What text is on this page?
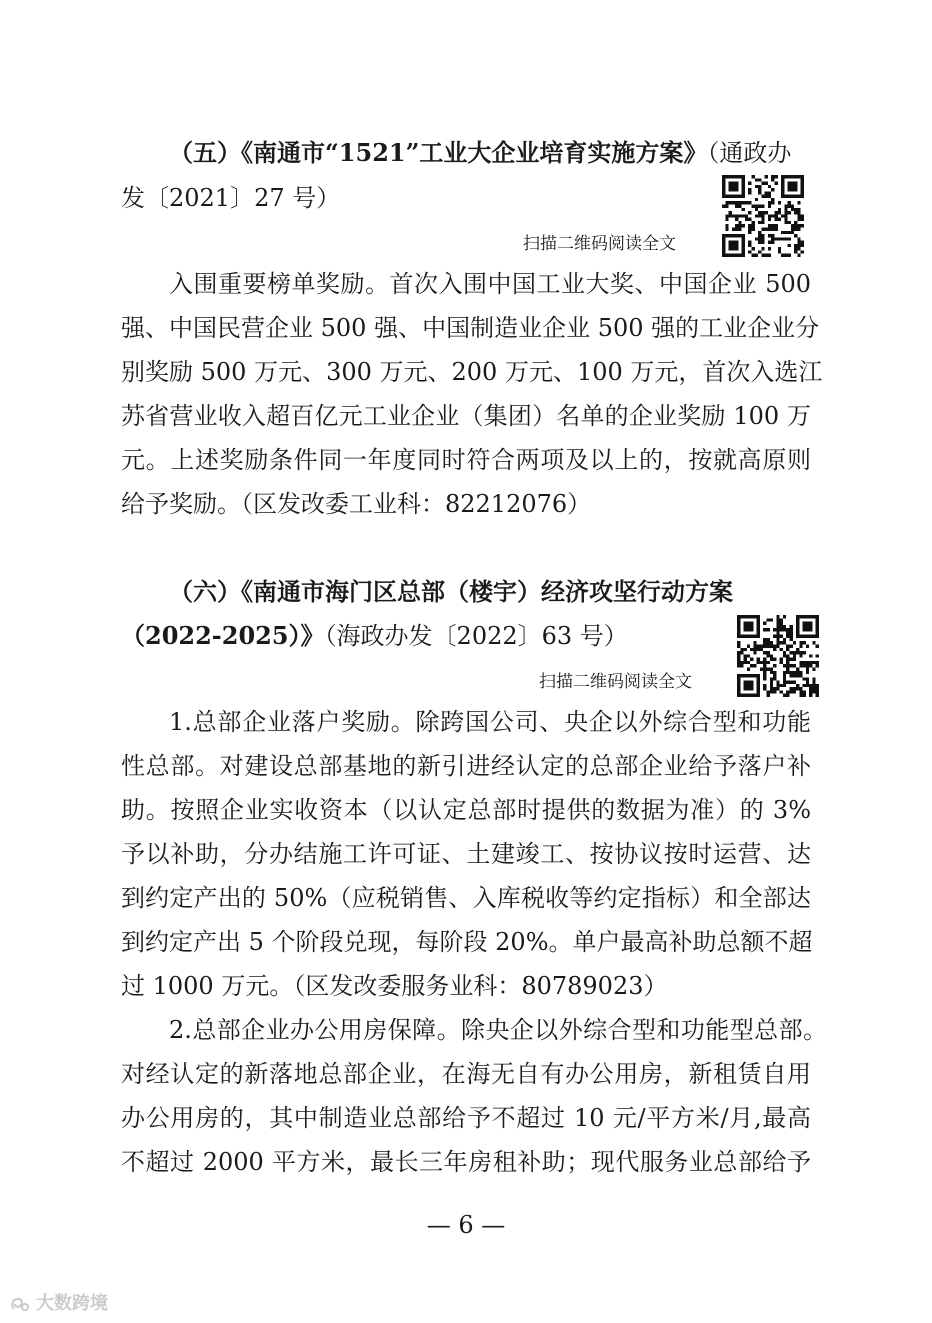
（五）《南通市“1521”工业大企业培育实施方案》（通政办
发〔2021〕27 号）
扫描二维码阅读全文
入围重要榜单奖励。首次入围中国工业大奖、中国企业 500
强、中国民营企业 500 强、中国制造业企业 500 强的工业企业分
别奖励 500 万元、300 万元、200 万元、100 万元，首次入选江
苏省营业收入超百亿元工业企业（集团）名单的企业奖励 100 万
元。上述奖励条件同一年度同时符合两项及以上的，按就高原则
给予奖励。（区发改委工业科：82212076）
（六）《南通市海门区总部（楼宇）经济攻坚行动方案
（2022-2025）》（海政办发〔2022〕63 号）
扫描二维码阅读全文
1.总部企业落户奖励。除跨国公司、央企以外综合型和功能
性总部。对建设总部基地的新引进经认定的总部企业给予落户补
助。按照企业实收资本（以认定总部时提供的数据为准）的 3%
予以补助，分办结施工许可证、土建竣工、按协议按时运营、达
到约定产出的 50%（应税销售、入库税收等约定指标）和全部达
到约定产出 5 个阶段兑现，每阶段 20%。单户最高补助总额不超
过 1000 万元。（区发改委服务业科：80789023）
2.总部企业办公用房保障。除央企以外综合型和功能型总部。
对经认定的新落地总部企业，在海无自有办公用房，新租赁自用
办公用房的，其中制造业总部给予不超过 10 元/平方米/月,最高
不超过 2000 平方米，最长三年房租补助；现代服务业总部给予
— 6 —
大数跨境
